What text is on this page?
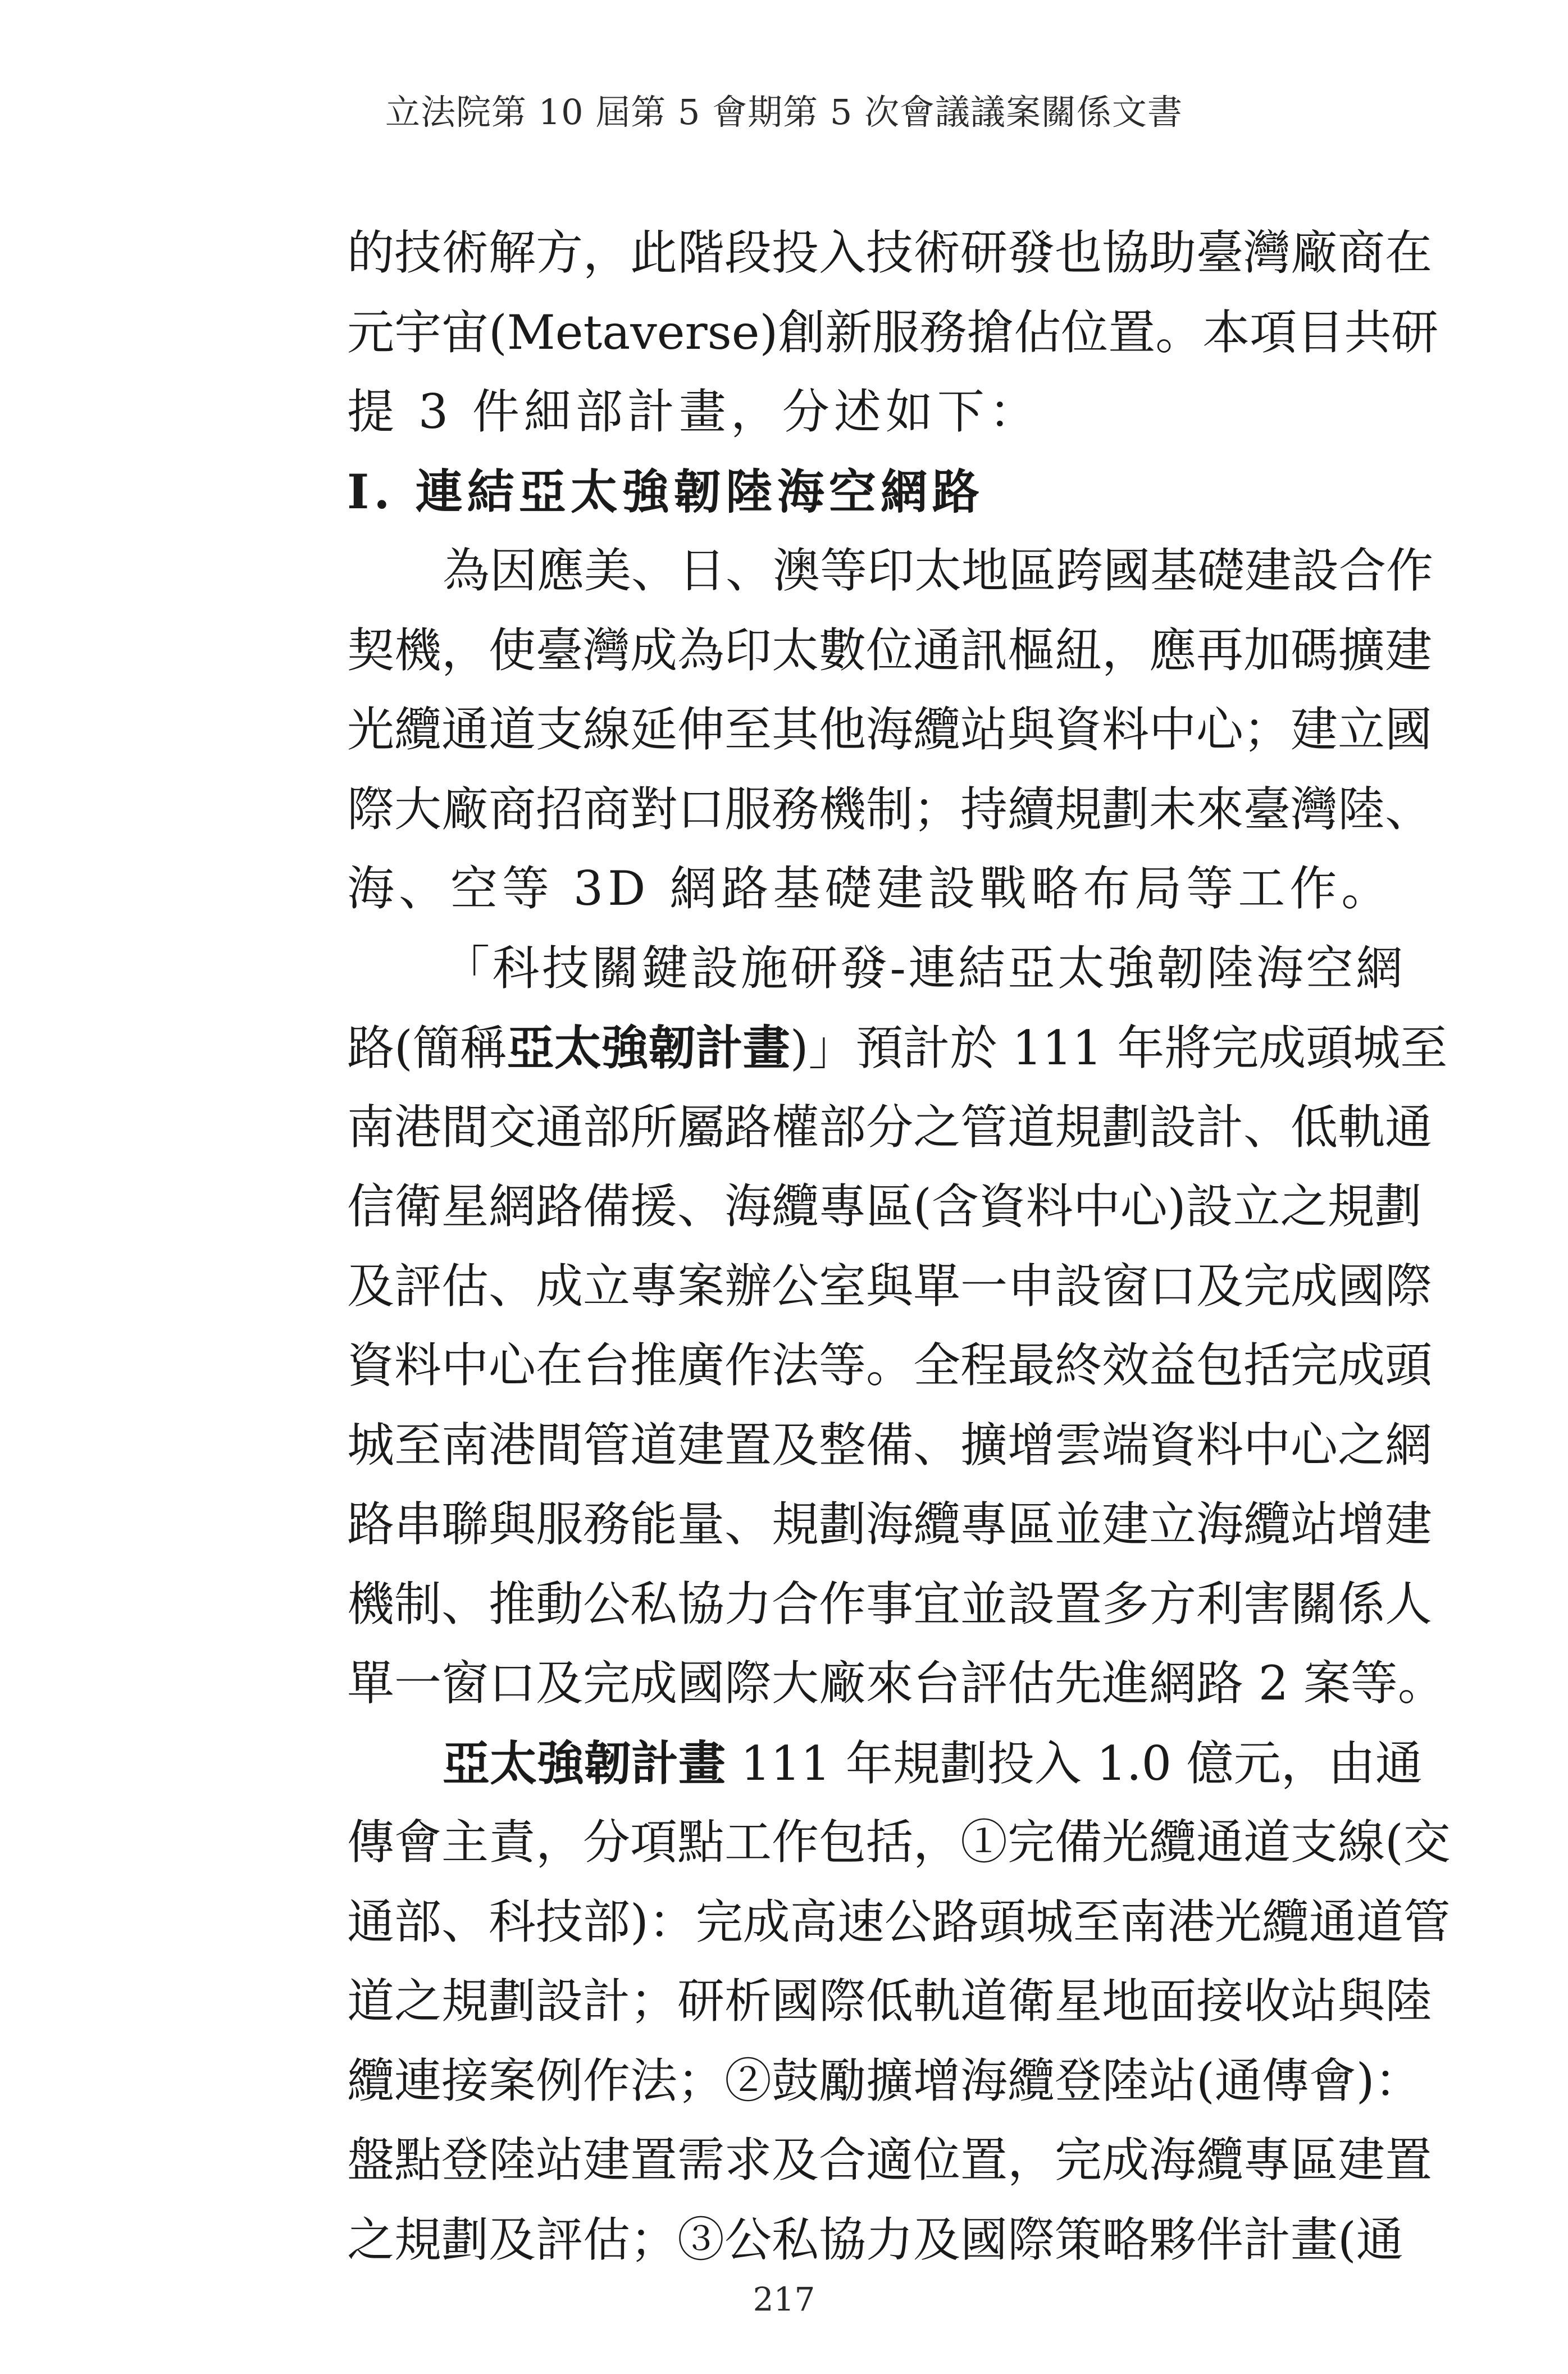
立法院第 10 屆第 5 會期第 5 次會議議案關係文書
的技術解方，此階段投入技術研發也協助臺灣廠商在
元宇宙(Metaverse)創新服務搶佔位置。本項目共研
提 3 件細部計畫，分述如下：
I. 連結亞太強韌陸海空網路
為因應美、日、澳等印太地區跨國基礎建設合作
契機，使臺灣成為印太數位通訊樞紐，應再加碼擴建
光纜通道支線延伸至其他海纜站與資料中心；建立國
際大廠商招商對口服務機制；持續規劃未來臺灣陸、
海、空等 3D 網路基礎建設戰略布局等工作。
「科技關鍵設施研發-連結亞太強韌陸海空網
路(簡稱亞太強韌計畫)」預計於 111 年將完成頭城至
南港間交通部所屬路權部分之管道規劃設計、低軌通
信衛星網路備援、海纜專區(含資料中心)設立之規劃
及評估、成立專案辦公室與單一申設窗口及完成國際
資料中心在台推廣作法等。全程最終效益包括完成頭
城至南港間管道建置及整備、擴增雲端資料中心之網
路串聯與服務能量、規劃海纜專區並建立海纜站增建
機制、推動公私協力合作事宜並設置多方利害關係人
單一窗口及完成國際大廠來台評估先進網路 2 案等。
亞太強韌計畫 111 年規劃投入 1.0 億元，由通
傳會主責，分項點工作包括，①完備光纜通道支線(交
通部、科技部)：完成高速公路頭城至南港光纜通道管
道之規劃設計；研析國際低軌道衛星地面接收站與陸
纜連接案例作法；②鼓勵擴增海纜登陸站(通傳會)：
盤點登陸站建置需求及合適位置，完成海纜專區建置
之規劃及評估；③公私協力及國際策略夥伴計畫(通
217
